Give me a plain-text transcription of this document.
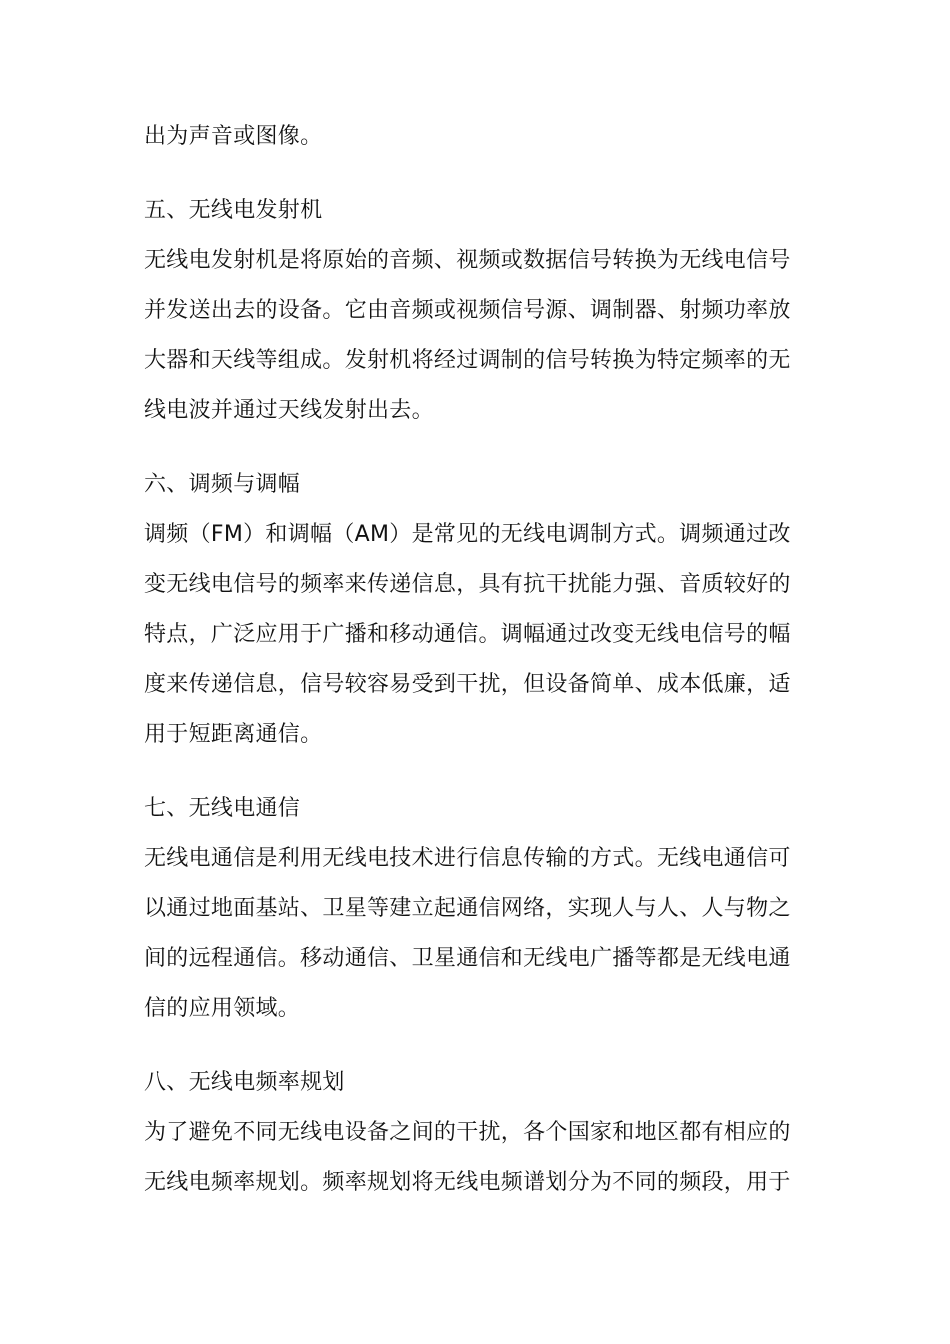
出为声音或图像。
五、无线电发射机
无线电发射机是将原始的音频、视频或数据信号转换为无线电信号
并发送出去的设备。它由音频或视频信号源、调制器、射频功率放
大器和天线等组成。发射机将经过调制的信号转换为特定频率的无
线电波并通过天线发射出去。
六、调频与调幅
调频（FM）和调幅（AM）是常见的无线电调制方式。调频通过改
变无线电信号的频率来传递信息，具有抗干扰能力强、音质较好的
特点，广泛应用于广播和移动通信。调幅通过改变无线电信号的幅
度来传递信息，信号较容易受到干扰，但设备简单、成本低廉，适
用于短距离通信。
七、无线电通信
无线电通信是利用无线电技术进行信息传输的方式。无线电通信可
以通过地面基站、卫星等建立起通信网络，实现人与人、人与物之
间的远程通信。移动通信、卫星通信和无线电广播等都是无线电通
信的应用领域。
八、无线电频率规划
为了避免不同无线电设备之间的干扰，各个国家和地区都有相应的
无线电频率规划。频率规划将无线电频谱划分为不同的频段，用于
